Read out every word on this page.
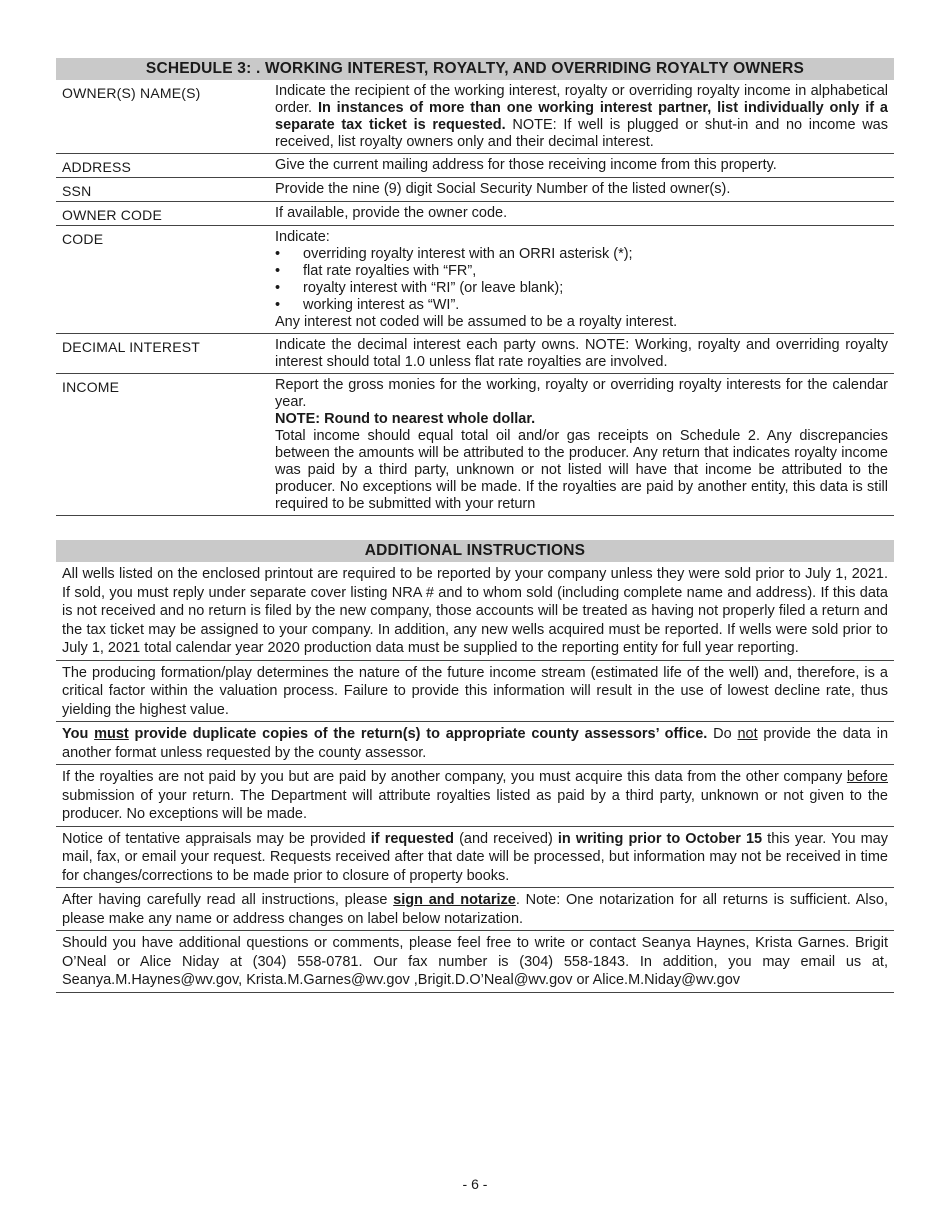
SCHEDULE 3: . WORKING INTEREST, ROYALTY, AND OVERRIDING ROYALTY OWNERS
OWNER(S) NAME(S)	Indicate the recipient of the working interest, royalty or overriding royalty income in alphabetical order. In instances of more than one working interest partner, list individually only if a separate tax ticket is requested. NOTE: If well is plugged or shut-in and no income was received, list royalty owners only and their decimal interest.
ADDRESS	Give the current mailing address for those receiving income from this property.
SSN	Provide the nine (9) digit Social Security Number of the listed owner(s).
OWNER CODE	If available, provide the owner code.
CODE	Indicate:

• overriding royalty interest with an ORRI asterisk (*);
• flat rate royalties with “FR”,
• royalty interest with “RI” (or leave blank);
• working interest as “WI”.

Any interest not coded will be assumed to be a royalty interest.

DECIMAL INTEREST	Indicate the decimal interest each party owns. NOTE: Working, royalty and overriding royalty interest should total 1.0 unless flat rate royalties are involved.
INCOME	Report the gross monies for the working, royalty or overriding royalty interests for the calendar year.

NOTE: Round to nearest whole dollar.

Total income should equal total oil and/or gas receipts on Schedule 2. Any discrepancies between the amounts will be attributed to the producer. Any return that indicates royalty income was paid by a third party, unknown or not listed will have that income be attributed to the producer. No exceptions will be made. If the royalties are paid by another entity, this data is still required to be submitted with your return

ADDITIONAL INSTRUCTIONS
All wells listed on the enclosed printout are required to be reported by your company unless they were sold prior to July 1, 2021. If sold, you must reply under separate cover listing NRA # and to whom sold (including complete name and address). If this data is not received and no return is filed by the new company, those accounts will be treated as having not properly filed a return and the tax ticket may be assigned to your company. In addition, any new wells acquired must be reported. If wells were sold prior to July 1, 2021 total calendar year 2020 production data must be supplied to the reporting entity for full year reporting.
The producing formation/play determines the nature of the future income stream (estimated life of the well) and, therefore, is a critical factor within the valuation process. Failure to provide this information will result in the use of lowest decline rate, thus yielding the highest value.
You must provide duplicate copies of the return(s) to appropriate county assessors’ office. Do not provide the data in another format unless requested by the county assessor.
If the royalties are not paid by you but are paid by another company, you must acquire this data from the other company before submission of your return. The Department will attribute royalties listed as paid by a third party, unknown or not given to the producer. No exceptions will be made.
Notice of tentative appraisals may be provided if requested (and received) in writing prior to October 15 this year. You may mail, fax, or email your request. Requests received after that date will be processed, but information may not be received in time for changes/corrections to be made prior to closure of property books.
After having carefully read all instructions, please sign and notarize. Note: One notarization for all returns is sufficient. Also, please make any name or address changes on label below notarization.
Should you have additional questions or comments, please feel free to write or contact Seanya Haynes, Krista Garnes. Brigit O’Neal or Alice Niday at (304) 558-0781. Our fax number is (304) 558-1843. In addition, you may email us at, Seanya.M.Haynes@wv.gov, Krista.M.Garnes@wv.gov ,Brigit.D.O’Neal@wv.gov or Alice.M.Niday@wv.gov
- 6 -
